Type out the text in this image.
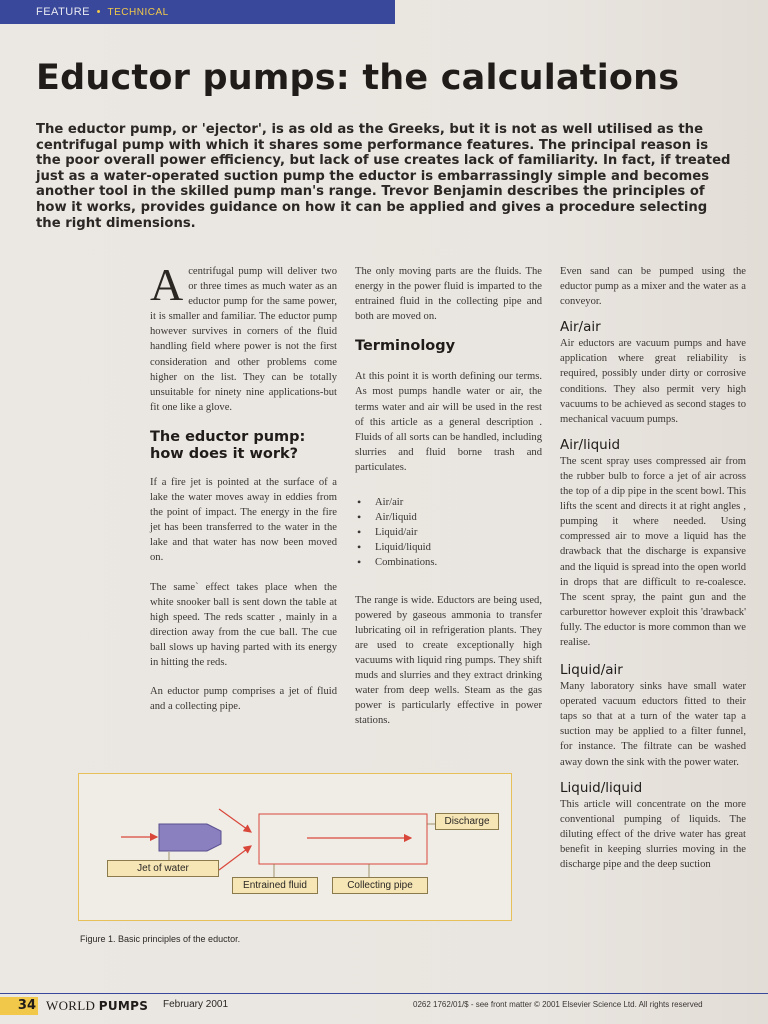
FEATURE • TECHNICAL
Eductor pumps: the calculations

The eductor pump, or 'ejector', is as old as the Greeks, but it is not as well utilised as the centrifugal pump with which it shares some performance features. The principal reason is the poor overall power efficiency, but lack of use creates lack of familiarity. In fact, if treated just as a water-operated suction pump the eductor is embarrassingly simple and becomes another tool in the skilled pump man's range. Trevor Benjamin describes the principles of how it works, provides guidance on how it can be applied and gives a procedure selecting the right dimensions.

A centrifugal pump will deliver two or three times as much water as an eductor pump for the same power, it is smaller and familiar. The eductor pump however survives in corners of the fluid handling field where power is not the first consideration and other problems come higher on the list. They can be totally unsuitable for ninety nine applications-but fit one like a glove.

The eductor pump: how does it work?

If a fire jet is pointed at the surface of a lake the water moves away in eddies from the point of impact. The energy in the fire jet has been transferred to the water in the lake and that water has now been moved on.

The same` effect takes place when the white snooker ball is sent down the table at high speed. The reds scatter , mainly in a direction away from the cue ball. The cue ball slows up having parted with its energy in hitting the reds.

An eductor pump comprises a jet of fluid and a collecting pipe.

The only moving parts are the fluids. The energy in the power fluid is imparted to the entrained fluid in the collecting pipe and both are moved on.

Terminology

At this point it is worth defining our terms. As most pumps handle water or air, the terms water and air will be used in the rest of this article as a general description . Fluids of all sorts can be handled, including slurries and fluid borne trash and particulates.

• Air/air
• Air/liquid
• Liquid/air
• Liquid/liquid
• Combinations.

The range is wide. Eductors are being used, powered by gaseous ammonia to transfer lubricating oil in refrigeration plants. They are used to create exceptionally high vacuums with liquid ring pumps. They shift muds and slurries and they extract drinking water from deep wells. Steam as the gas power is particularly effective in power stations.

Even sand can be pumped using the eductor pump as a mixer and the water as a conveyor.

Air/air

Air eductors are vacuum pumps and have application where great reliability is required, possibly under dirty or corrosive conditions. They also permit very high vacuums to be achieved as second stages to mechanical vacuum pumps.

Air/liquid

The scent spray uses compressed air from the rubber bulb to force a jet of air across the top of a dip pipe in the scent bowl. This lifts the scent and directs it at right angles , pumping it where needed. Using compressed air to move a liquid has the drawback that the discharge is expansive and the liquid is spread into the open world in drops that are difficult to re-coalesce. The scent spray, the paint gun and the carburettor however exploit this 'drawback' fully. The eductor is more common than we realise.

Liquid/air

Many laboratory sinks have small water operated vacuum eductors fitted to their taps so that at a turn of the water tap a suction may be applied to a filter funnel, for instance. The filtrate can be washed away down the sink with the power water.

Liquid/liquid

This article will concentrate on the more conventional pumping of liquids. The diluting effect of the drive water has great benefit in keeping slurries moving in the discharge pipe and the deep suction

Jet of water
Entrained fluid	Collecting pipe
Discharge
Figure 1. Basic principles of the eductor.
34 WORLD PUMPS February 2001	0262 1762/01/$ - see front matter © 2001 Elsevier Science Ltd. All rights reserved
